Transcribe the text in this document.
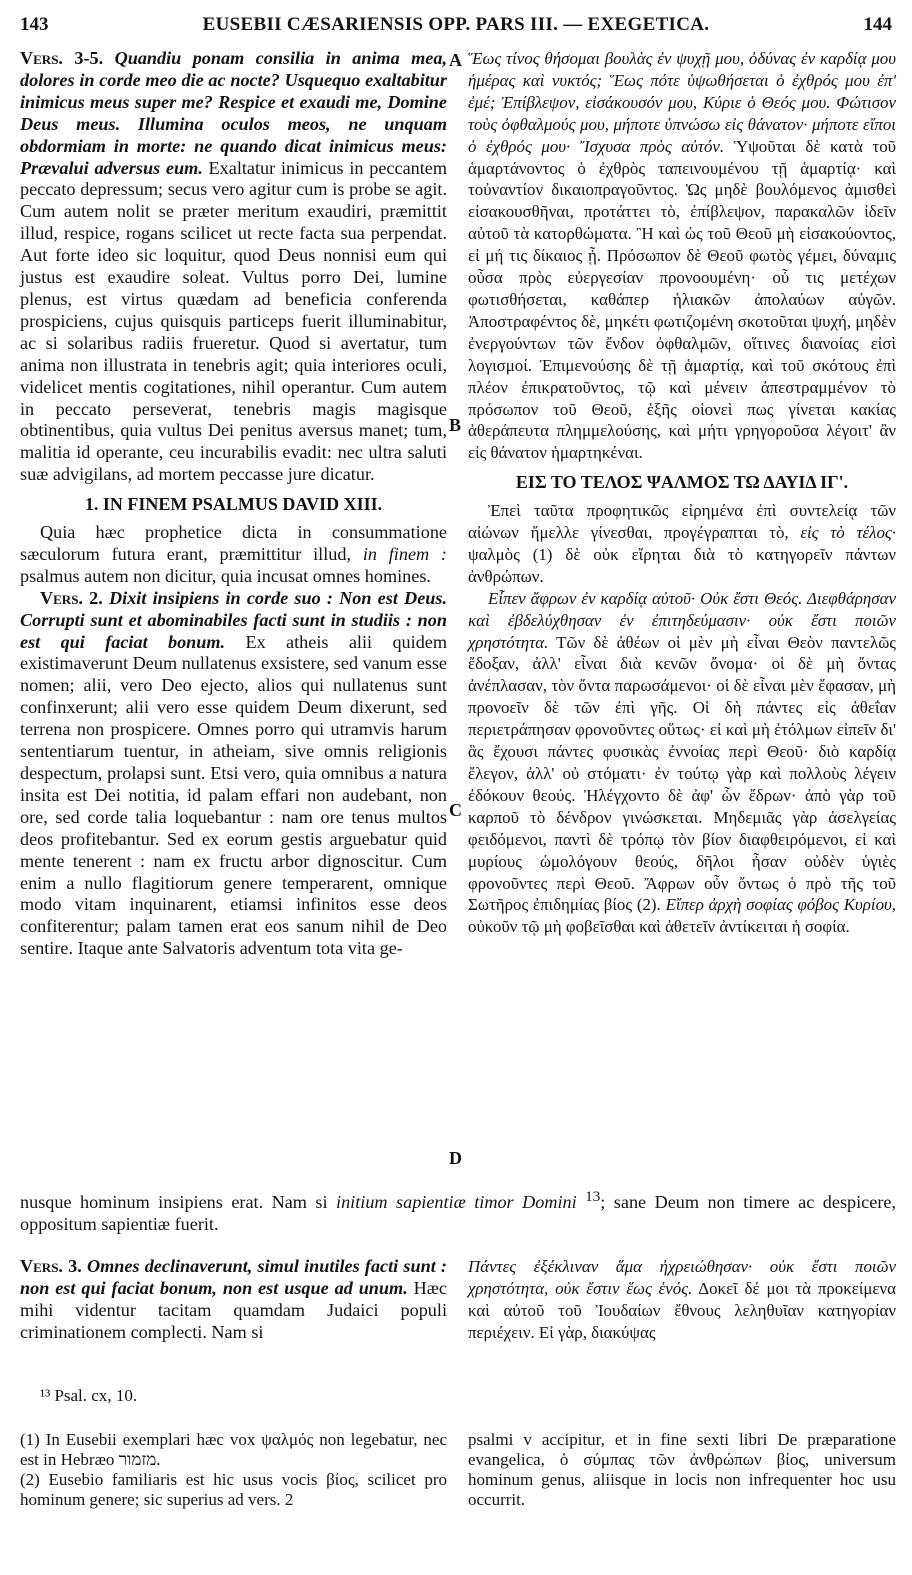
143	EUSEBII CÆSARIENSIS OPP. PARS III. — EXEGETICA.	144
A
B
C
D

Vers. 3-5. Quandiu ponam consilia in anima mea, dolores in corde meo die ac nocte? Usquequo exaltabitur inimicus meus super me? Respice et exaudi me, Domine Deus meus. Illumina oculos meos, ne unquam obdormiam in morte: ne quando dicat inimicus meus: Prævalui adversus eum. Exaltatur inimicus in peccantem peccato depressum; secus vero agitur cum is probe se agit. Cum autem nolit se præter meritum exaudiri, præmittit illud, respice, rogans scilicet ut recte facta sua perpendat. Aut forte ideo sic loquitur, quod Deus nonnisi eum qui justus est exaudire soleat. Vultus porro Dei, lumine plenus, est virtus quædam ad beneficia conferenda prospiciens, cujus quisquis particeps fuerit illuminabitur, ac si solaribus radiis frueretur. Quod si avertatur, tum anima non illustrata in tenebris agit; quia interiores oculi, videlicet mentis cogitationes, nihil operantur. Cum autem in peccato perseverat, tenebris magis magisque obtinentibus, quia vultus Dei penitus aversus manet; tum, malitia id operante, ceu incurabilis evadit: nec ultra saluti suæ advigilans, ad mortem peccasse jure dicatur.

1. IN FINEM PSALMUS DAVID XIII.

Quia hæc prophetice dicta in consummatione sæculorum futura erant, præmittitur illud, in finem : psalmus autem non dicitur, quia incusat omnes homines.

Vers. 2. Dixit insipiens in corde suo : Non est Deus. Corrupti sunt et abominabiles facti sunt in studiis : non est qui faciat bonum. Ex atheis alii quidem existimaverunt Deum nullatenus exsistere, sed vanum esse nomen; alii, vero Deo ejecto, alios qui nullatenus sunt confinxerunt; alii vero esse quidem Deum dixerunt, sed terrena non prospicere. Omnes porro qui utramvis harum sententiarum tuentur, in atheiam, sive omnis religionis despectum, prolapsi sunt. Etsi vero, quia omnibus a natura insita est Dei notitia, id palam effari non audebant, non ore, sed corde talia loquebantur : nam ore tenus multos deos profitebantur. Sed ex eorum gestis arguebatur quid mente tenerent : nam ex fructu arbor dignoscitur. Cum enim a nullo flagitiorum genere temperarent, omnique modo vitam inquinarent, etiamsi infinitos esse deos confiterentur; palam tamen erat eos sanum nihil de Deo sentire. Itaque ante Salvatoris adventum tota vita ge-

Ἕως τίνος θήσομαι βουλὰς ἐν ψυχῇ μου, ὀδύνας ἐν καρδίᾳ μου ἡμέρας καὶ νυκτός; Ἕως πότε ὑψωθήσεται ὁ ἐχθρός μου ἐπ' ἐμέ; Ἐπίβλεψον, εἰσάκουσόν μου, Κύριε ὁ Θεός μου. Φώτισον τοὺς ὀφθαλμούς μου, μήποτε ὑπνώσω εἰς θάνατον· μήποτε εἴποι ὁ ἐχθρός μου· Ἴσχυσα πρὸς αὐτόν. Ὑψοῦται δὲ κατὰ τοῦ ἁμαρτάνοντος ὁ ἐχθρὸς ταπεινουμένου τῇ ἁμαρτίᾳ· καὶ τοὐναντίον δικαιοπραγοῦντος. Ὡς μηδὲ βουλόμενος ἀμισθεὶ εἰσακουσθῆναι, προτάττει τὸ, ἐπίβλεψον, παρακαλῶν ἰδεῖν αὐτοῦ τὰ κατορθώματα. Ἢ καὶ ὡς τοῦ Θεοῦ μὴ εἰσακούοντος, εἰ μή τις δίκαιος ᾖ. Πρόσωπον δὲ Θεοῦ φωτὸς γέμει, δύναμις οὖσα πρὸς εὐεργεσίαν προνοουμένη· οὗ τις μετέχων φωτισθήσεται, καθάπερ ἡλιακῶν ἀπολαύων αὐγῶν. Ἀποστραφέντος δὲ, μηκέτι φωτιζομένη σκοτοῦται ψυχή, μηδὲν ἐνεργούντων τῶν ἔνδον ὀφθαλμῶν, οἵτινες διανοίας εἰσὶ λογισμοί. Ἐπιμενούσης δὲ τῇ ἁμαρτίᾳ, καὶ τοῦ σκότους ἐπὶ πλέον ἐπικρατοῦντος, τῷ καὶ μένειν ἀπεστραμμένον τὸ πρόσωπον τοῦ Θεοῦ, ἑξῆς οἱονεὶ πως γίνεται κακίας ἀθεράπευτα πλημμελούσης, καὶ μήτι γρηγοροῦσα λέγοιτ' ἂν εἰς θάνατον ἡμαρτηκέναι.

ΕΙΣ ΤΟ ΤΕΛΟΣ ΨΑΛΜΟΣ ΤΩ ΔΑΥΙΔ ΙΓ'.

Ἐπεὶ ταῦτα προφητικῶς εἰρημένα ἐπὶ συντελείᾳ τῶν αἰώνων ἤμελλε γίνεσθαι, προγέγραπται τὸ, εἰς τὸ τέλος· ψαλμὸς (1) δὲ οὐκ εἴρηται διὰ τὸ κατηγορεῖν πάντων ἀνθρώπων.

Εἶπεν ἄφρων ἐν καρδίᾳ αὐτοῦ· Οὐκ ἔστι Θεός. Διεφθάρησαν καὶ ἐβδελύχθησαν ἐν ἐπιτηδεύμασιν· οὐκ ἔστι ποιῶν χρηστότητα. Τῶν δὲ ἀθέων οἱ μὲν μὴ εἶναι Θεὸν παντελῶς ἔδοξαν, ἀλλ' εἶναι διὰ κενῶν ὄνομα· οἱ δὲ μὴ ὄντας ἀνέπλασαν, τὸν ὄντα παρωσάμενοι· οἱ δὲ εἶναι μὲν ἔφασαν, μὴ προνοεῖν δὲ τῶν ἐπὶ γῆς. Οἱ δὴ πάντες εἰς ἀθεΐαν περιετράπησαν φρονοῦντες οὕτως· εἰ καὶ μὴ ἐτόλμων εἰπεῖν δι' ἃς ἔχουσι πάντες φυσικὰς ἐννοίας περὶ Θεοῦ· διὸ καρδίᾳ ἔλεγον, ἀλλ' οὐ στόματι· ἐν τούτῳ γὰρ καὶ πολλοὺς λέγειν ἐδόκουν θεούς. Ἠλέγχοντο δὲ ἀφ' ὧν ἔδρων· ἀπὸ γὰρ τοῦ καρποῦ τὸ δένδρον γινώσκεται. Μηδεμιᾶς γὰρ ἀσελγείας φειδόμενοι, παντὶ δὲ τρόπῳ τὸν βίον διαφθειρόμενοι, εἰ καὶ μυρίους ὡμολόγουν θεούς, δῆλοι ἦσαν οὐδὲν ὑγιὲς φρονοῦντες περὶ Θεοῦ. Ἄφρων οὖν ὄντως ὁ πρὸ τῆς τοῦ Σωτῆρος ἐπιδημίας βίος (2). Εἴπερ ἀρχὴ σοφίας φόβος Κυρίου, οὐκοῦν τῷ μὴ φοβεῖσθαι καὶ ἀθετεῖν ἀντίκειται ἡ σοφία.

nusque hominum insipiens erat. Nam si initium sapientiæ timor Domini $^{13}$; sane Deum non timere ac despicere, oppositum sapientiæ fuerit.

Vers. 3. Omnes declinaverunt, simul inutiles facti sunt : non est qui faciat bonum, non est usque ad unum. Hæc mihi videntur tacitam quamdam Judaici populi criminationem complecti. Nam si

Πάντες ἐξέκλιναν ἅμα ἠχρειώθησαν· οὐκ ἔστι ποιῶν χρηστότητα, οὐκ ἔστιν ἕως ἑνός. Δοκεῖ δέ μοι τὰ προκείμενα καὶ αὐτοῦ τοῦ Ἰουδαίων ἔθνους λεληθυῖαν κατηγορίαν περιέχειν. Εἰ γὰρ, διακύψας

¹³ Psal. cx, 10.

(1) In Eusebii exemplari hæc vox ψαλμός non legebatur, nec est in Hebræo מזמור.

(2) Eusebio familiaris est hic usus vocis βίος, scilicet pro hominum genere; sic superius ad vers. 2

psalmi v accipitur, et in fine sexti libri De præparatione evangelica, ὁ σύμπας τῶν ἀνθρώπων βίος, universum hominum genus, aliisque in locis non infrequenter hoc usu occurrit.
